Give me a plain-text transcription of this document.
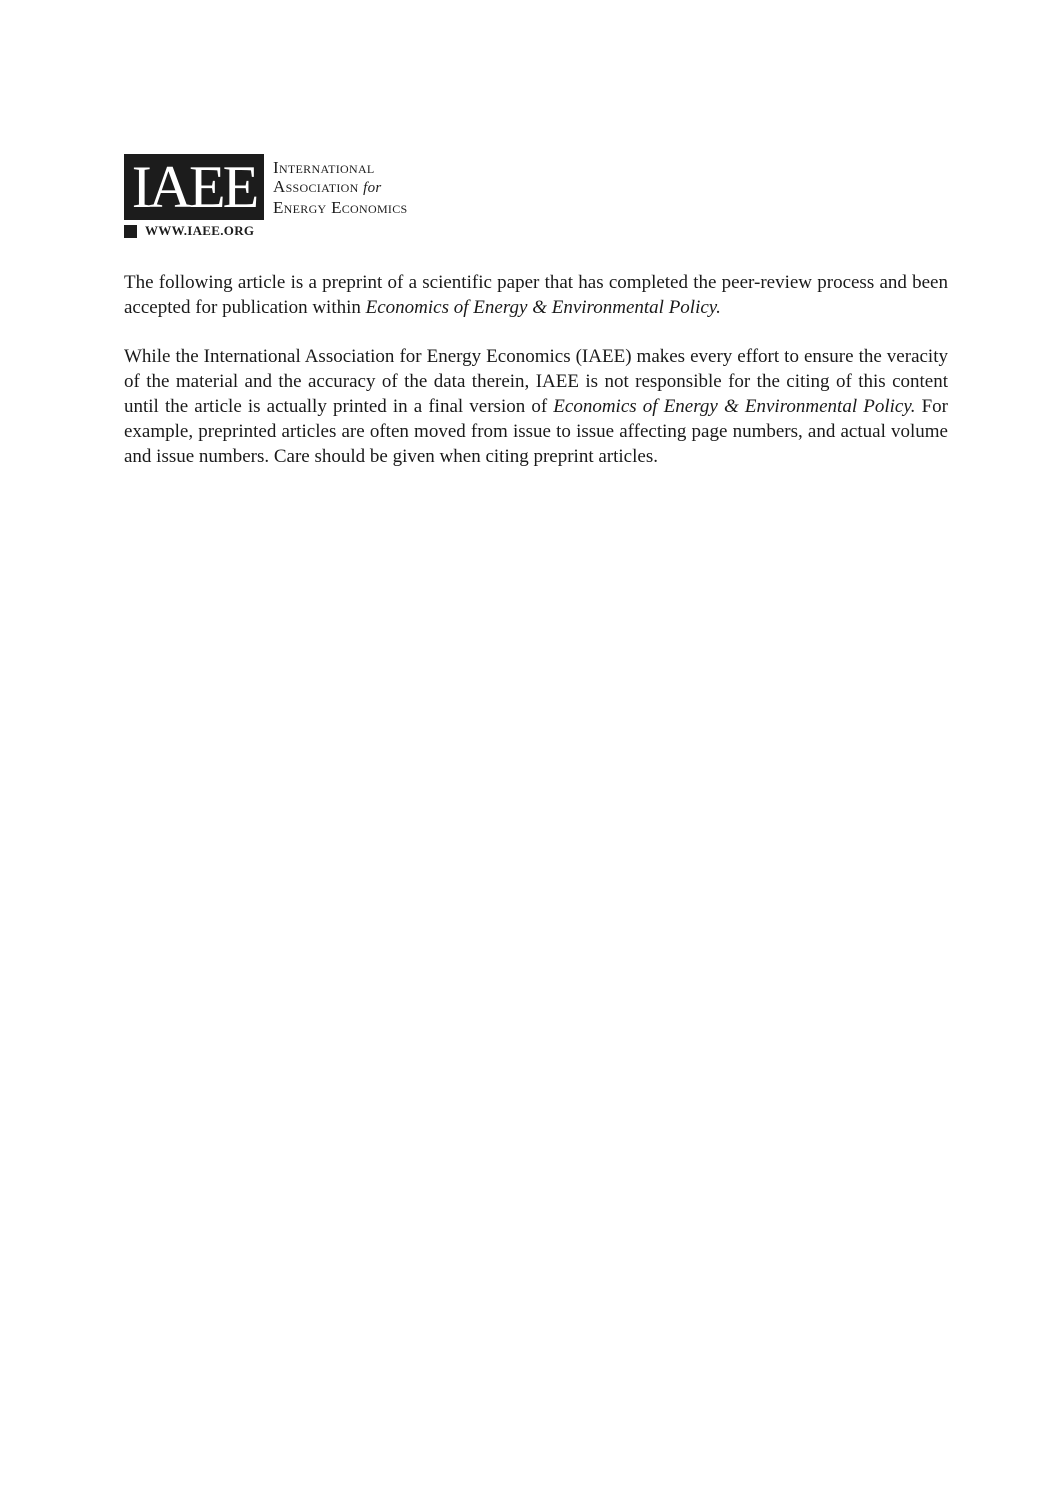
IAEE International
Association for
Energy Economics
WWW.IAEE.ORG

The following article is a preprint of a scientific paper that has completed the peer-review process and been accepted for publication within Economics of Energy & Environmental Policy.

While the International Association for Energy Economics (IAEE) makes every effort to ensure the veracity of the material and the accuracy of the data therein, IAEE is not responsible for the citing of this content until the article is actually printed in a final version of Economics of Energy & Environmental Policy. For example, preprinted articles are often moved from issue to issue affecting page numbers, and actual volume and issue numbers. Care should be given when citing preprint articles.
